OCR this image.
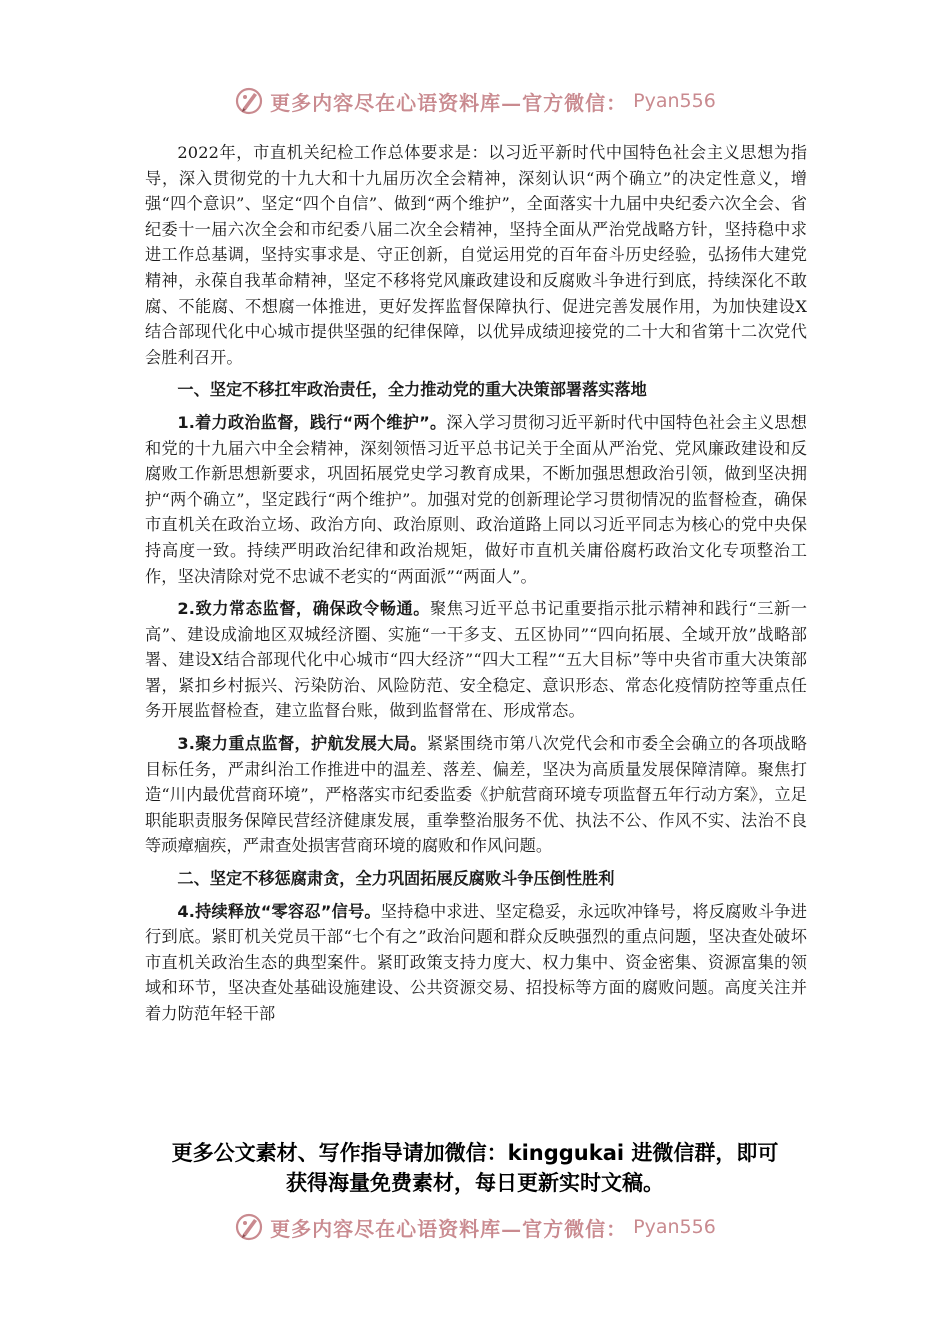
更多内容尽在心语资料库—官方微信： Pyan556

2022年，市直机关纪检工作总体要求是：以习近平新时代中国特色社会主义思想为指导，深入贯彻党的十九大和十九届历次全会精神，深刻认识“两个确立”的决定性意义，增强“四个意识”、坚定“四个自信”、做到“两个维护”，全面落实十九届中央纪委六次全会、省纪委十一届六次全会和市纪委八届二次全会精神，坚持全面从严治党战略方针，坚持稳中求进工作总基调，坚持实事求是、守正创新，自觉运用党的百年奋斗历史经验，弘扬伟大建党精神，永葆自我革命精神，坚定不移将党风廉政建设和反腐败斗争进行到底，持续深化不敢腐、不能腐、不想腐一体推进，更好发挥监督保障执行、促进完善发展作用，为加快建设X结合部现代化中心城市提供坚强的纪律保障，以优异成绩迎接党的二十大和省第十二次党代会胜利召开。

一、坚定不移扛牢政治责任，全力推动党的重大决策部署落实落地

1.着力政治监督，践行“两个维护”。深入学习贯彻习近平新时代中国特色社会主义思想和党的十九届六中全会精神，深刻领悟习近平总书记关于全面从严治党、党风廉政建设和反腐败工作新思想新要求，巩固拓展党史学习教育成果，不断加强思想政治引领，做到坚决拥护“两个确立”，坚定践行“两个维护”。加强对党的创新理论学习贯彻情况的监督检查，确保市直机关在政治立场、政治方向、政治原则、政治道路上同以习近平同志为核心的党中央保持高度一致。持续严明政治纪律和政治规矩，做好市直机关庸俗腐朽政治文化专项整治工作，坚决清除对党不忠诚不老实的“两面派”“两面人”。

2.致力常态监督，确保政令畅通。聚焦习近平总书记重要指示批示精神和践行“三新一高”、建设成渝地区双城经济圈、实施“一干多支、五区协同”“四向拓展、全域开放”战略部署、建设X结合部现代化中心城市“四大经济”“四大工程”“五大目标”等中央省市重大决策部署，紧扣乡村振兴、污染防治、风险防范、安全稳定、意识形态、常态化疫情防控等重点任务开展监督检查，建立监督台账，做到监督常在、形成常态。

3.聚力重点监督，护航发展大局。紧紧围绕市第八次党代会和市委全会确立的各项战略目标任务，严肃纠治工作推进中的温差、落差、偏差，坚决为高质量发展保障清障。聚焦打造“川内最优营商环境”，严格落实市纪委监委《护航营商环境专项监督五年行动方案》，立足职能职责服务保障民营经济健康发展，重拳整治服务不优、执法不公、作风不实、法治不良等顽瘴痼疾，严肃查处损害营商环境的腐败和作风问题。

二、坚定不移惩腐肃贪，全力巩固拓展反腐败斗争压倒性胜利

4.持续释放“零容忍”信号。坚持稳中求进、坚定稳妥，永远吹冲锋号，将反腐败斗争进行到底。紧盯机关党员干部“七个有之”政治问题和群众反映强烈的重点问题，坚决查处破坏市直机关政治生态的典型案件。紧盯政策支持力度大、权力集中、资金密集、资源富集的领域和环节，坚决查处基础设施建设、公共资源交易、招投标等方面的腐败问题。高度关注并着力防范年轻干部

更多公文素材、写作指导请加微信：kinggukai 进微信群，即可
获得海量免费素材，每日更新实时文稿。
更多内容尽在心语资料库—官方微信： Pyan556
